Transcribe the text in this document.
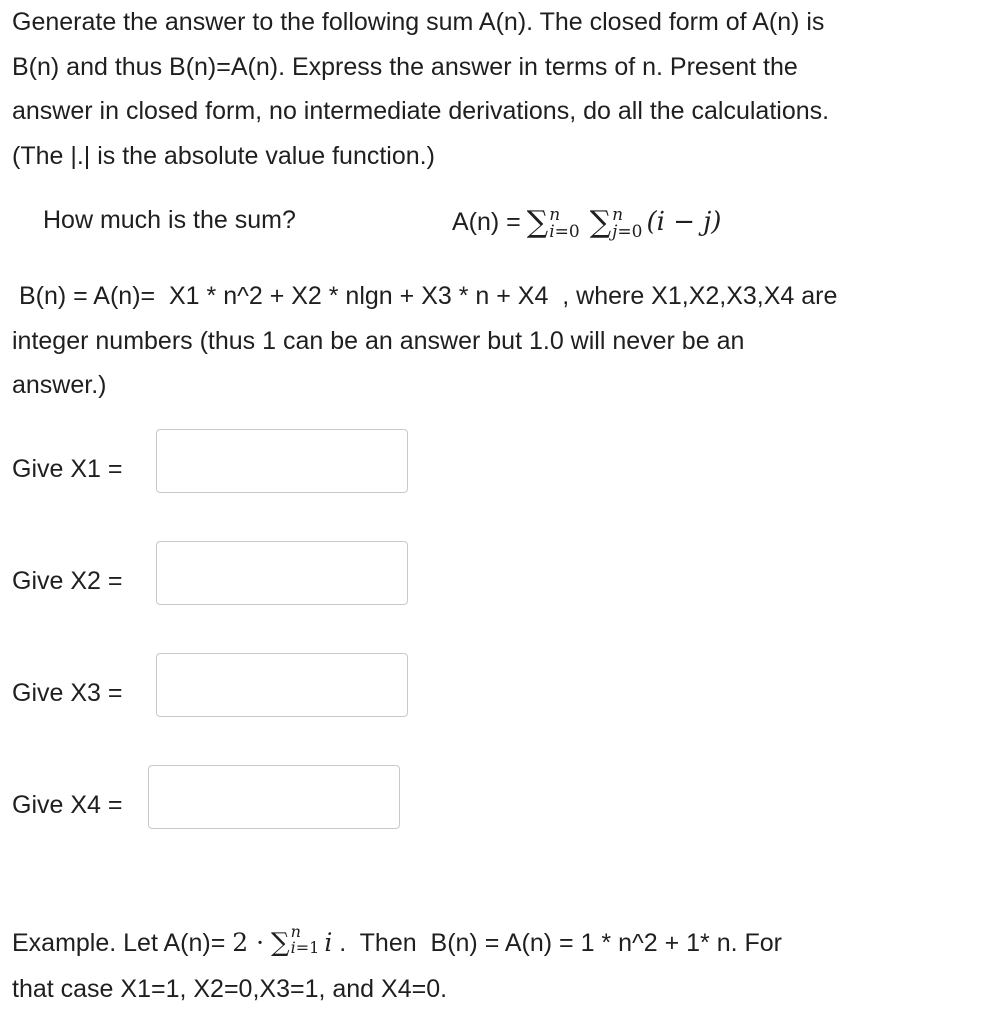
Generate the answer to the following sum A(n). The closed form of A(n) is
B(n) and thus B(n)=A(n). Express the answer in terms of n. Present the
answer in closed form, no intermediate derivations, do all the calculations.
(The |.| is the absolute value function.)
How much is the sum?	A(n) = ∑ n
i=0 ∑ n
j=0 (i − j)
B(n) = A(n)=  X1 * n^2 + X2 * nlgn + X3 * n + X4  , where X1,X2,X3,X4 are
integer numbers (thus 1 can be an answer but 1.0 will never be an
answer.)
Give X1 =
Give X2 =
Give X3 =
Give X4 =
Example. Let A(n)= 2 · ∑ n
i=1 i .  Then  B(n) = A(n) = 1 * n^2 + 1* n. For
that case X1=1, X2=0,X3=1, and X4=0.
